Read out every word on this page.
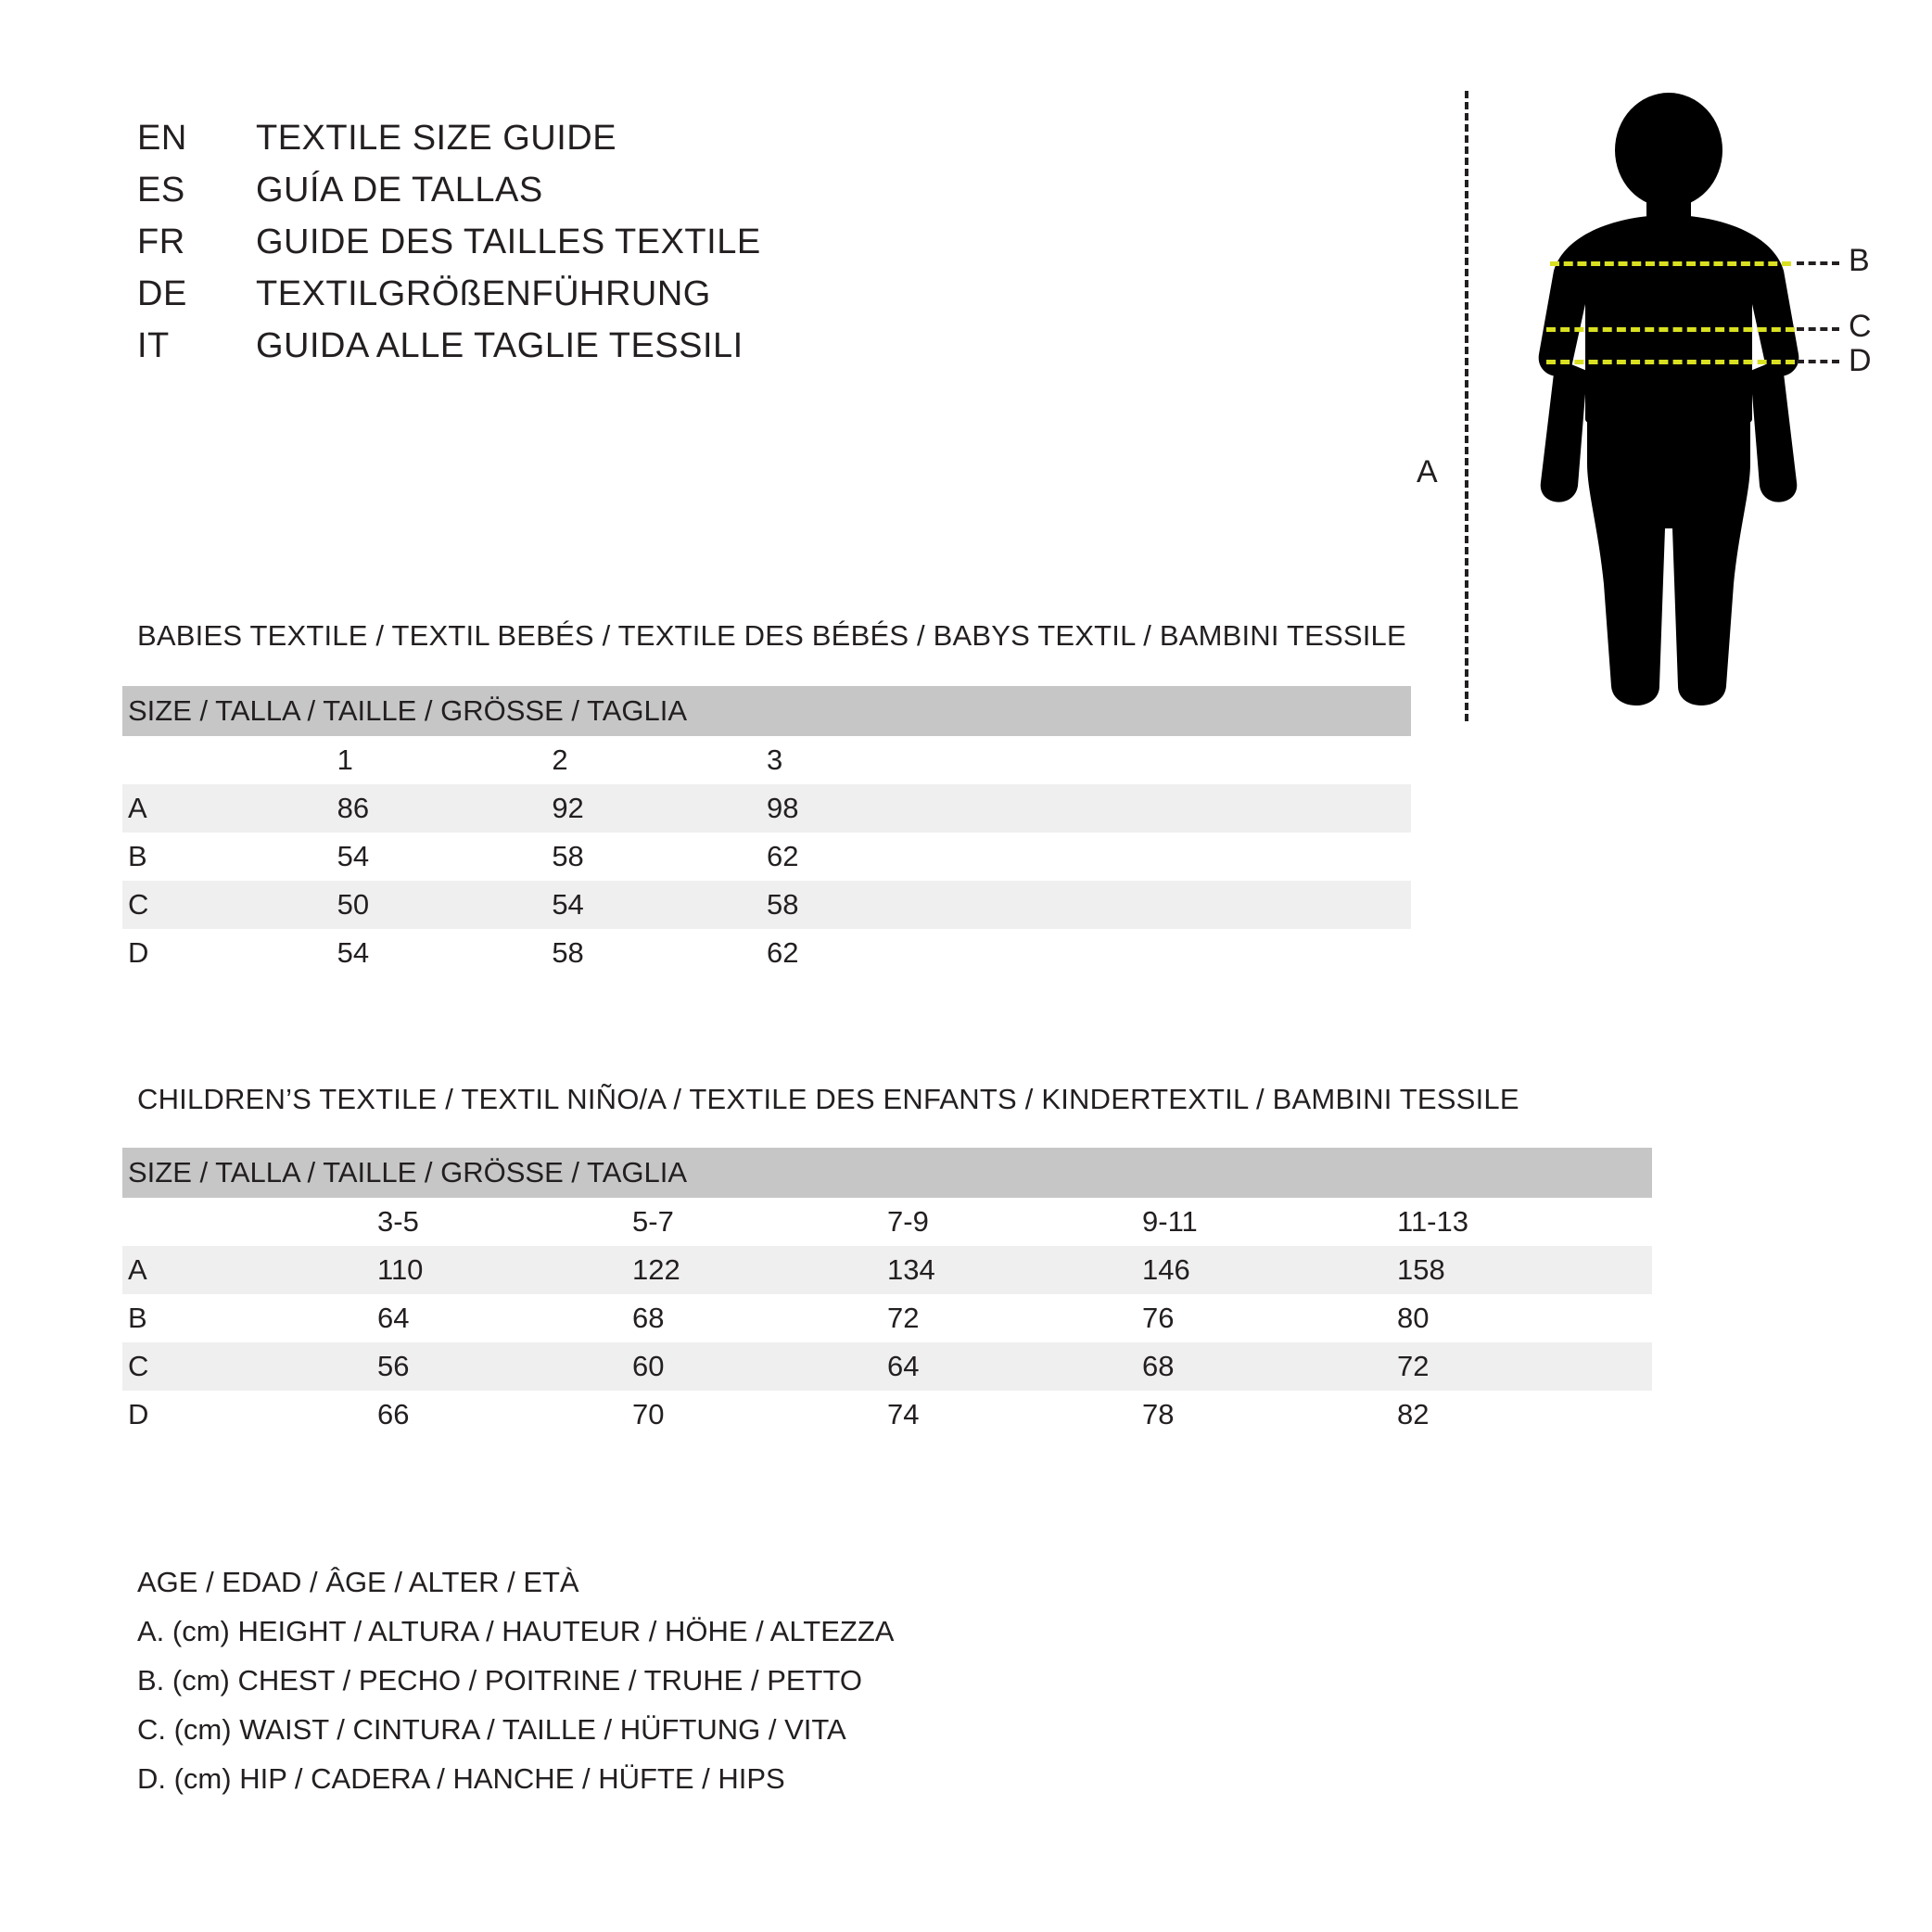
EN	TEXTILE SIZE GUIDE
ES	GUÍA DE TALLAS
FR	GUIDE DES TAILLES TEXTILE
DE	TEXTILGRÖßENFÜHRUNG
IT	GUIDA ALLE TAGLIE TESSILI
A
B
C
D
BABIES TEXTILE / TEXTIL BEBÉS / TEXTILE DES BÉBÉS / BABYS TEXTIL / BAMBINI TESSILE
SIZE / TALLA / TAILLE / GRÖSSE / TAGLIA					
	1	2	3		
A	86	92	98		
B	54	58	62		
C	50	54	58		
D	54	58	62		
CHILDREN’S TEXTILE / TEXTIL NIÑO/A / TEXTILE DES ENFANTS / KINDERTEXTIL / BAMBINI TESSILE
SIZE / TALLA / TAILLE / GRÖSSE / TAGLIA					
	3-5	5-7	7-9	9-11	11-13
A	110	122	134	146	158
B	64	68	72	76	80
C	56	60	64	68	72
D	66	70	74	78	82
AGE / EDAD / ÂGE / ALTER / ETÀ
A. (cm) HEIGHT / ALTURA / HAUTEUR / HÖHE / ALTEZZA
B. (cm) CHEST / PECHO / POITRINE / TRUHE / PETTO
C. (cm) WAIST / CINTURA / TAILLE / HÜFTUNG / VITA
D. (cm) HIP / CADERA / HANCHE / HÜFTE / HIPS
